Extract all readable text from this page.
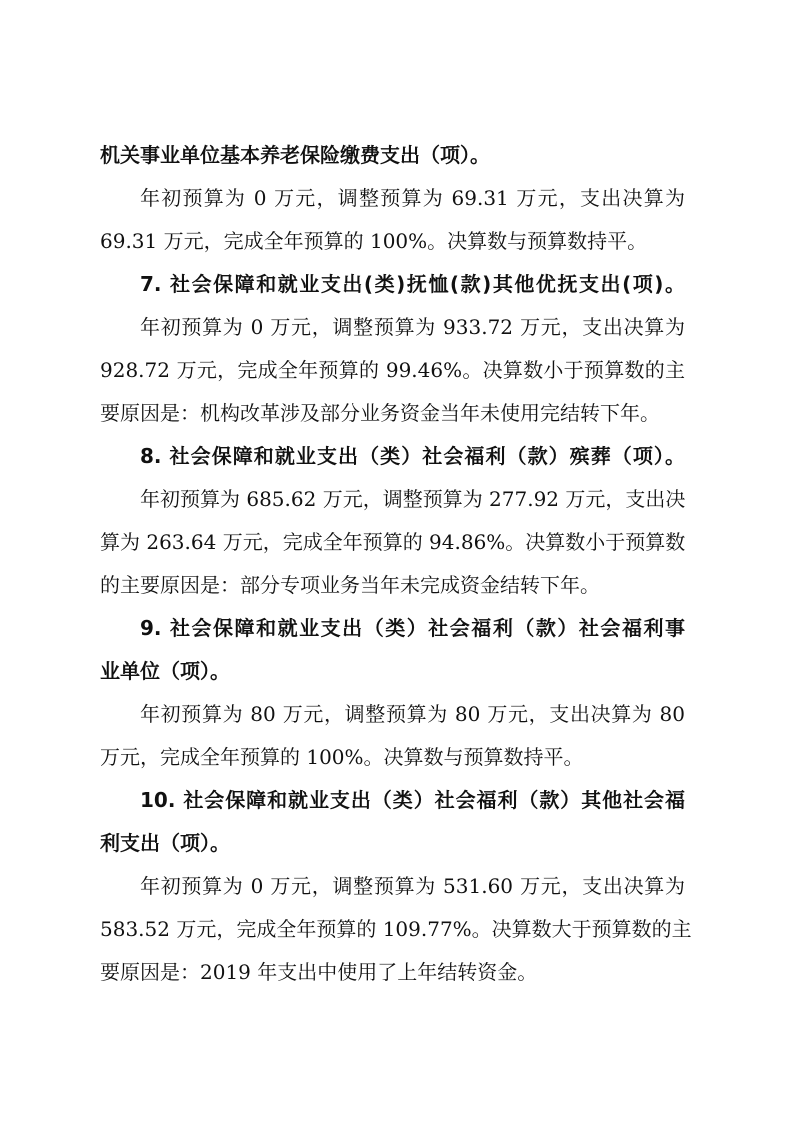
机关事业单位基本养老保险缴费支出（项）。
年初预算为 0 万元，调整预算为 69.31 万元，支出决算为
69.31 万元，完成全年预算的 100%。决算数与预算数持平。
7. 社会保障和就业支出(类)抚恤(款)其他优抚支出(项)。
年初预算为 0 万元，调整预算为 933.72 万元，支出决算为
928.72 万元，完成全年预算的 99.46%。决算数小于预算数的主
要原因是：机构改革涉及部分业务资金当年未使用完结转下年。
8. 社会保障和就业支出（类）社会福利（款）殡葬（项）。
年初预算为 685.62 万元，调整预算为 277.92 万元，支出决
算为 263.64 万元，完成全年预算的 94.86%。决算数小于预算数
的主要原因是：部分专项业务当年未完成资金结转下年。
9. 社会保障和就业支出（类）社会福利（款）社会福利事
业单位（项）。
年初预算为 80 万元，调整预算为 80 万元，支出决算为 80
万元，完成全年预算的 100%。决算数与预算数持平。
10. 社会保障和就业支出（类）社会福利（款）其他社会福
利支出（项）。
年初预算为 0 万元，调整预算为 531.60 万元，支出决算为
583.52 万元，完成全年预算的 109.77%。决算数大于预算数的主
要原因是：2019 年支出中使用了上年结转资金。
